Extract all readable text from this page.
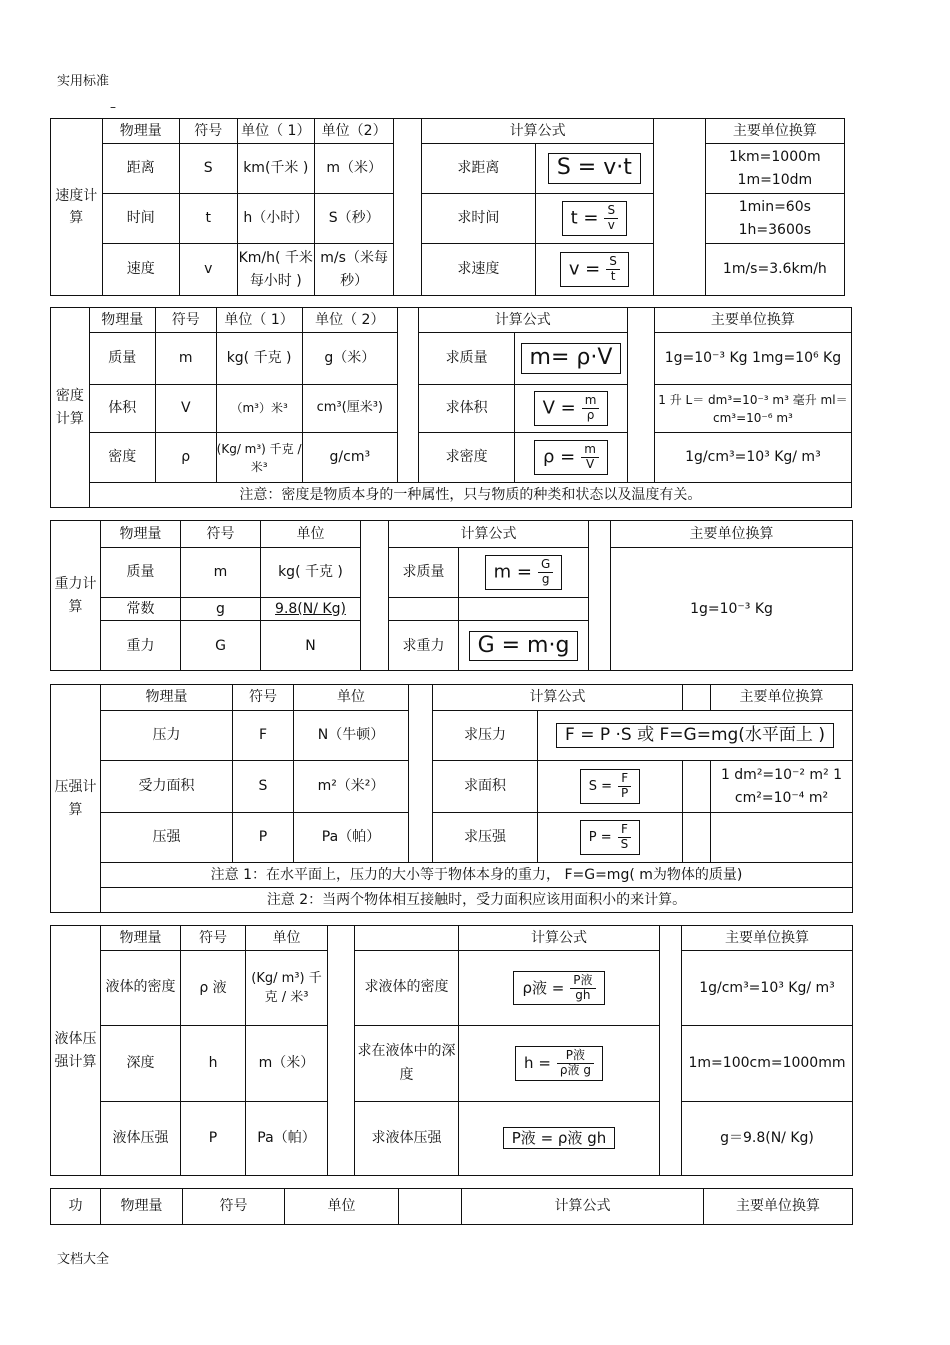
实用标准
–
速度计算	物理量	符号	单位（ 1）	单位（2）		计算公式			主要单位换算
	距离	S	km(千米 )	m（米）		求距离	S = v·t		1km=1000m 1m=10dm
	时间	t	h（小时）	S（秒）		求时间	$t = \frac{S}{v}$		1min=60s 1h=3600s
	速度	v	Km/h( 千米每小时 )	m/s（米每秒）		求速度	$v = \frac{S}{t}$		1m/s=3.6km/h
密度计算	物理量	符号	单位（ 1）	单位（ 2）		计算公式			主要单位换算
	质量	m	kg( 千克 )	g（米）		求质量	m= ρ·V		1g=10⁻³ Kg 1mg=10⁶ Kg
	体积	V	（m³）米³	cm³(厘米³)		求体积	$V = \frac{m}{\rho}$		1 升 L＝ dm³=10⁻³ m³ 毫升 ml＝cm³=10⁻⁶ m³
	密度	ρ	(Kg/ m³) 千克 / 米³	g/cm³		求密度	$\rho = \frac{m}{V}$		1g/cm³=10³ Kg/ m³
	注意：密度是物质本身的一种属性，只与物质的种类和状态以及温度有关。								
重力计算	物理量	符号	单位		计算公式			主要单位换算
	质量	m	kg( 千克 )		求质量	$m = \frac{G}{g}$		1g=10⁻³ Kg
	常数	g	9.8(N/ Kg)					
	重力	G	N		求重力	G = m·g		
压强计算	物理量	符号	单位		计算公式			主要单位换算
	压力	F	N（牛顿）		求压力	F = P ·S 或 F=G=mg(水平面上 )		
	受力面积	S	m²（米²）		求面积	$S = \frac{F}{P}$		1 dm²=10⁻² m² 1 cm²=10⁻⁴ m²
	压强	P	Pa（帕）		求压强	$P = \frac{F}{S}$

	注意 1：在水平面上，压力的大小等于物体本身的重力， F=G=mg( m为物体的质量)							
	注意 2：当两个物体相互接触时，受力面积应该用面积小的来计算。							
液体压强计算	物理量	符号	单位			计算公式		主要单位换算
	液体的密度	ρ 液	(Kg/ m³) 千克 / 米³		求液体的密度	ρ液 = $\frac{\text{P液}}{gh}$		1g/cm³=10³ Kg/ m³
	深度	h	m（米）		求在液体中的深度	$h = \frac{\text{P液}}{\text{ρ液 g}}$		1m=100cm=1000mm
	液体压强	P	Pa（帕）		求液体压强	P液 = ρ液 gh		g＝9.8(N/ Kg)
功	物理量	符号	单位		计算公式	主要单位换算
文档大全
